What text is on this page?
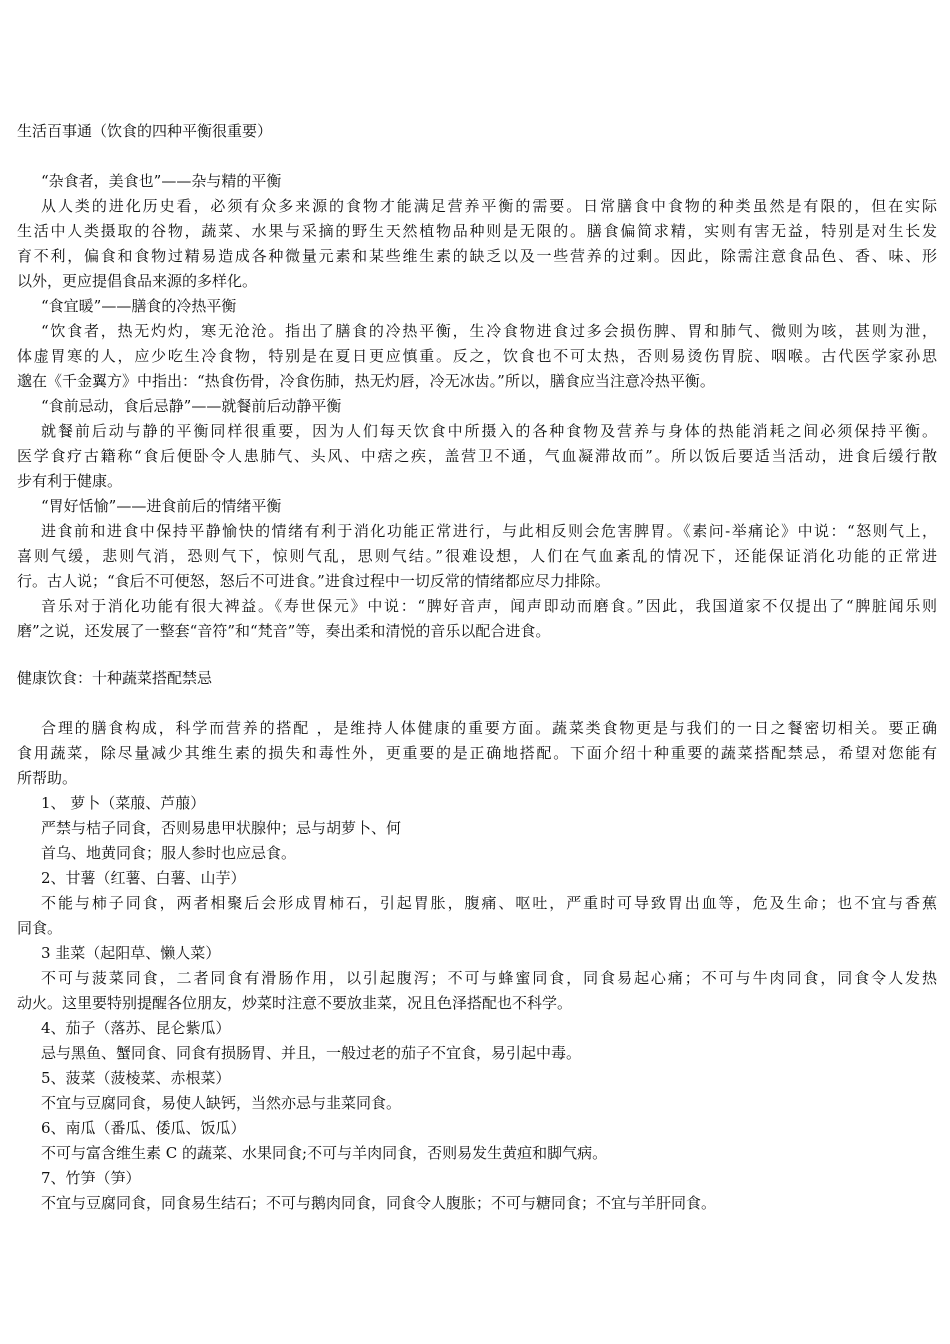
生活百事通（饮食的四种平衡很重要）

“杂食者，美食也”——杂与精的平衡

从人类的进化历史看，必须有众多来源的食物才能满足营养平衡的需要。日常膳食中食物的种类虽然是有限的，但在实际

生活中人类摄取的谷物，蔬菜、水果与采摘的野生天然植物品种则是无限的。膳食偏简求精，实则有害无益，特别是对生长发

育不利，偏食和食物过精易造成各种微量元素和某些维生素的缺乏以及一些营养的过剩。因此，除需注意食品色、香、味、形

以外，更应提倡食品来源的多样化。

“食宜暖”——膳食的冷热平衡

“饮食者，热无灼灼，寒无沧沧。指出了膳食的冷热平衡，生冷食物进食过多会损伤脾、胃和肺气、微则为咳，甚则为泄，

体虚胃寒的人，应少吃生冷食物，特别是在夏日更应慎重。反之，饮食也不可太热，否则易烫伤胃脘、咽喉。古代医学家孙思

邈在《千金翼方》中指出：“热食伤骨，冷食伤肺，热无灼唇，冷无冰齿。”所以，膳食应当注意冷热平衡。

“食前忌动，食后忌静”——就餐前后动静平衡

就餐前后动与静的平衡同样很重要，因为人们每天饮食中所摄入的各种食物及营养与身体的热能消耗之间必须保持平衡。

医学食疗古籍称“食后便卧令人患肺气、头风、中痞之疾，盖营卫不通，气血凝滞故而”。所以饭后要适当活动，进食后缓行散

步有利于健康。

“胃好恬愉”——进食前后的情绪平衡

进食前和进食中保持平静愉快的情绪有利于消化功能正常进行，与此相反则会危害脾胃。《素问-举痛论》中说：“怒则气上，

喜则气缓，悲则气消，恐则气下，惊则气乱，思则气结。”很难设想，人们在气血紊乱的情况下，还能保证消化功能的正常进

行。古人说；“食后不可便怒，怒后不可进食。”进食过程中一切反常的情绪都应尽力排除。

音乐对于消化功能有很大裨益。《寿世保元》中说：“脾好音声，闻声即动而磨食。”因此，我国道家不仅提出了“脾脏闻乐则

磨”之说，还发展了一整套“音符”和“梵音”等，奏出柔和清悦的音乐以配合进食。

健康饮食：十种蔬菜搭配禁忌

合理的膳食构成，科学而营养的搭配 ，是维持人体健康的重要方面。蔬菜类食物更是与我们的一日之餐密切相关。要正确

食用蔬菜，除尽量减少其维生素的损失和毒性外，更重要的是正确地搭配。下面介绍十种重要的蔬菜搭配禁忌，希望对您能有

所帮助。

1、 萝卜（菜菔、芦菔）

严禁与桔子同食，否则易患甲状腺仲；忌与胡萝卜、何

首乌、地黄同食；服人参时也应忌食。

2、甘薯（红薯、白薯、山芋）

不能与柿子同食，两者相聚后会形成胃柿石，引起胃胀，腹痛、呕吐，严重时可导致胃出血等，危及生命；也不宜与香蕉

同食。

3 韭菜（起阳草、懒人菜）

不可与菠菜同食，二者同食有滑肠作用，以引起腹泻；不可与蜂蜜同食，同食易起心痛；不可与牛肉同食，同食令人发热

动火。这里要特别提醒各位朋友，炒菜时注意不要放韭菜，况且色泽搭配也不科学。

4、茄子（落苏、昆仑紫瓜）

忌与黑鱼、蟹同食、同食有损肠胃、并且，一般过老的茄子不宜食，易引起中毒。

5、菠菜（菠棱菜、赤根菜）

不宜与豆腐同食，易使人缺钙，当然亦忌与韭菜同食。

6、南瓜（番瓜、倭瓜、饭瓜）

不可与富含维生素 C 的蔬菜、水果同食;不可与羊肉同食，否则易发生黄疸和脚气病。

7、竹笋（笋）

不宜与豆腐同食，同食易生结石；不可与鹅肉同食，同食令人腹胀；不可与糖同食；不宜与羊肝同食。
